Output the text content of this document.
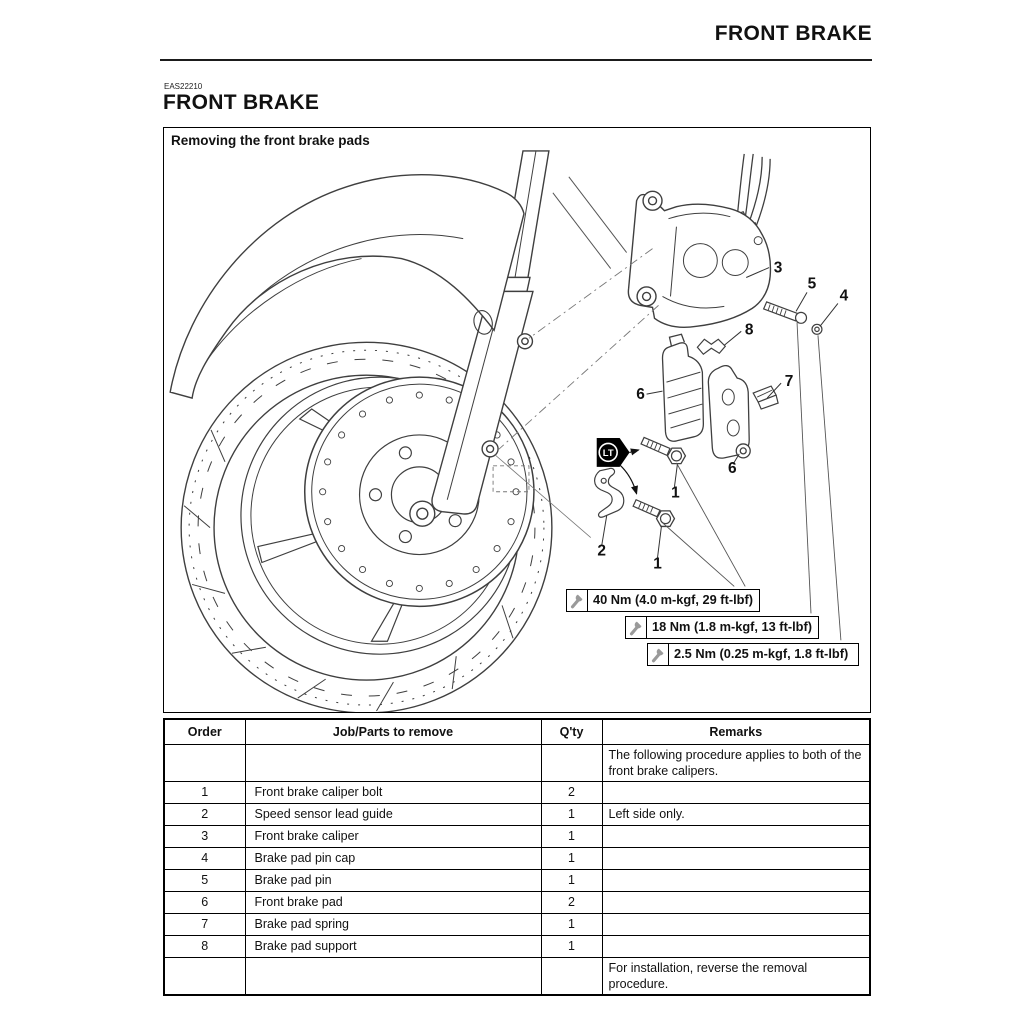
FRONT BRAKE
EAS22210
FRONT BRAKE
LT
3
5
4
8
6
7
6
1
2
1
Removing the front brake pads
40 Nm (4.0 m-kgf, 29 ft-lbf)
18 Nm (1.8 m-kgf, 13 ft-lbf)
2.5 Nm (0.25 m-kgf, 1.8 ft-lbf)
Order	Job/Parts to remove	Q'ty	Remarks
			The following procedure applies to both of the front brake calipers.
1	Front brake caliper bolt	2	
2	Speed sensor lead guide	1	Left side only.
3	Front brake caliper	1	
4	Brake pad pin cap	1	
5	Brake pad pin	1	
6	Front brake pad	2	
7	Brake pad spring	1	
8	Brake pad support	1	
			For installation, reverse the removal procedure.
